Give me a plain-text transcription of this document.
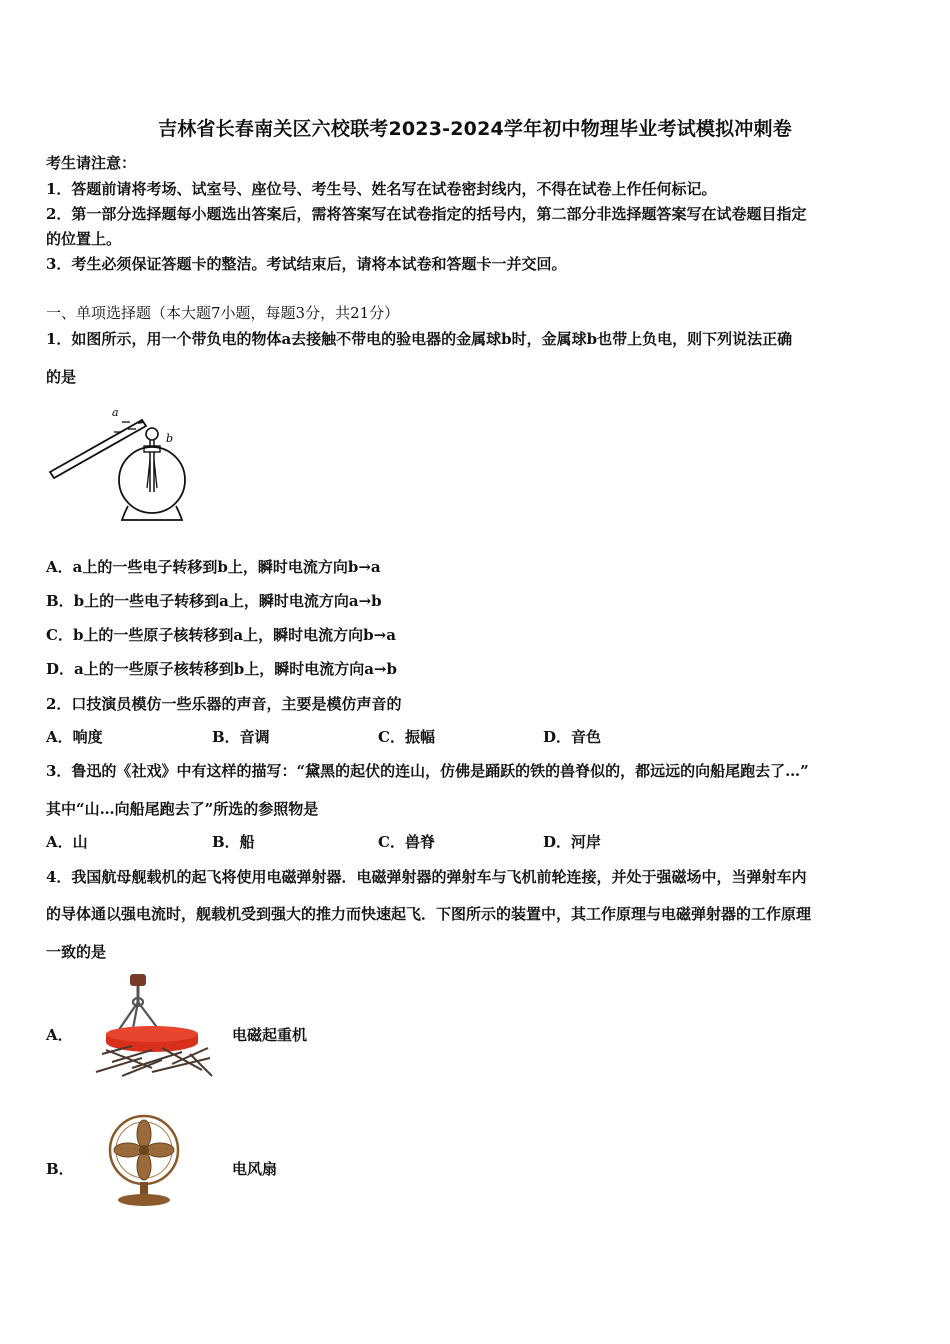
吉林省长春南关区六校联考2023-2024学年初中物理毕业考试模拟冲刺卷
考生请注意：
1．答题前请将考场、试室号、座位号、考生号、姓名写在试卷密封线内，不得在试卷上作任何标记。
2．第一部分选择题每小题选出答案后，需将答案写在试卷指定的括号内，第二部分非选择题答案写在试卷题目指定
的位置上。
3．考生必须保证答题卡的整洁。考试结束后，请将本试卷和答题卡一并交回。
一、单项选择题（本大题7小题，每题3分，共21分）
1．如图所示，用一个带负电的物体a去接触不带电的验电器的金属球b时，金属球b也带上负电，则下列说法正确
的是
a
b
A．a上的一些电子转移到b上，瞬时电流方向b→a
B．b上的一些电子转移到a上，瞬时电流方向a→b
C．b上的一些原子核转移到a上，瞬时电流方向b→a
D．a上的一些原子核转移到b上，瞬时电流方向a→b
2．口技演员模仿一些乐器的声音，主要是模仿声音的
A．响度	B．音调	C．振幅	D．音色
3．鲁迅的《社戏》中有这样的描写：“黛黑的起伏的连山，仿佛是踊跃的铁的兽脊似的，都远远的向船尾跑去了…”
其中“山…向船尾跑去了”所选的参照物是
A．山	B．船	C．兽脊	D．河岸
4．我国航母舰载机的起飞将使用电磁弹射器．电磁弹射器的弹射车与飞机前轮连接，并处于强磁场中，当弹射车内
的导体通以强电流时，舰载机受到强大的推力而快速起飞．下图所示的装置中，其工作原理与电磁弹射器的工作原理
一致的是
A．	电磁起重机
B．	电风扇
